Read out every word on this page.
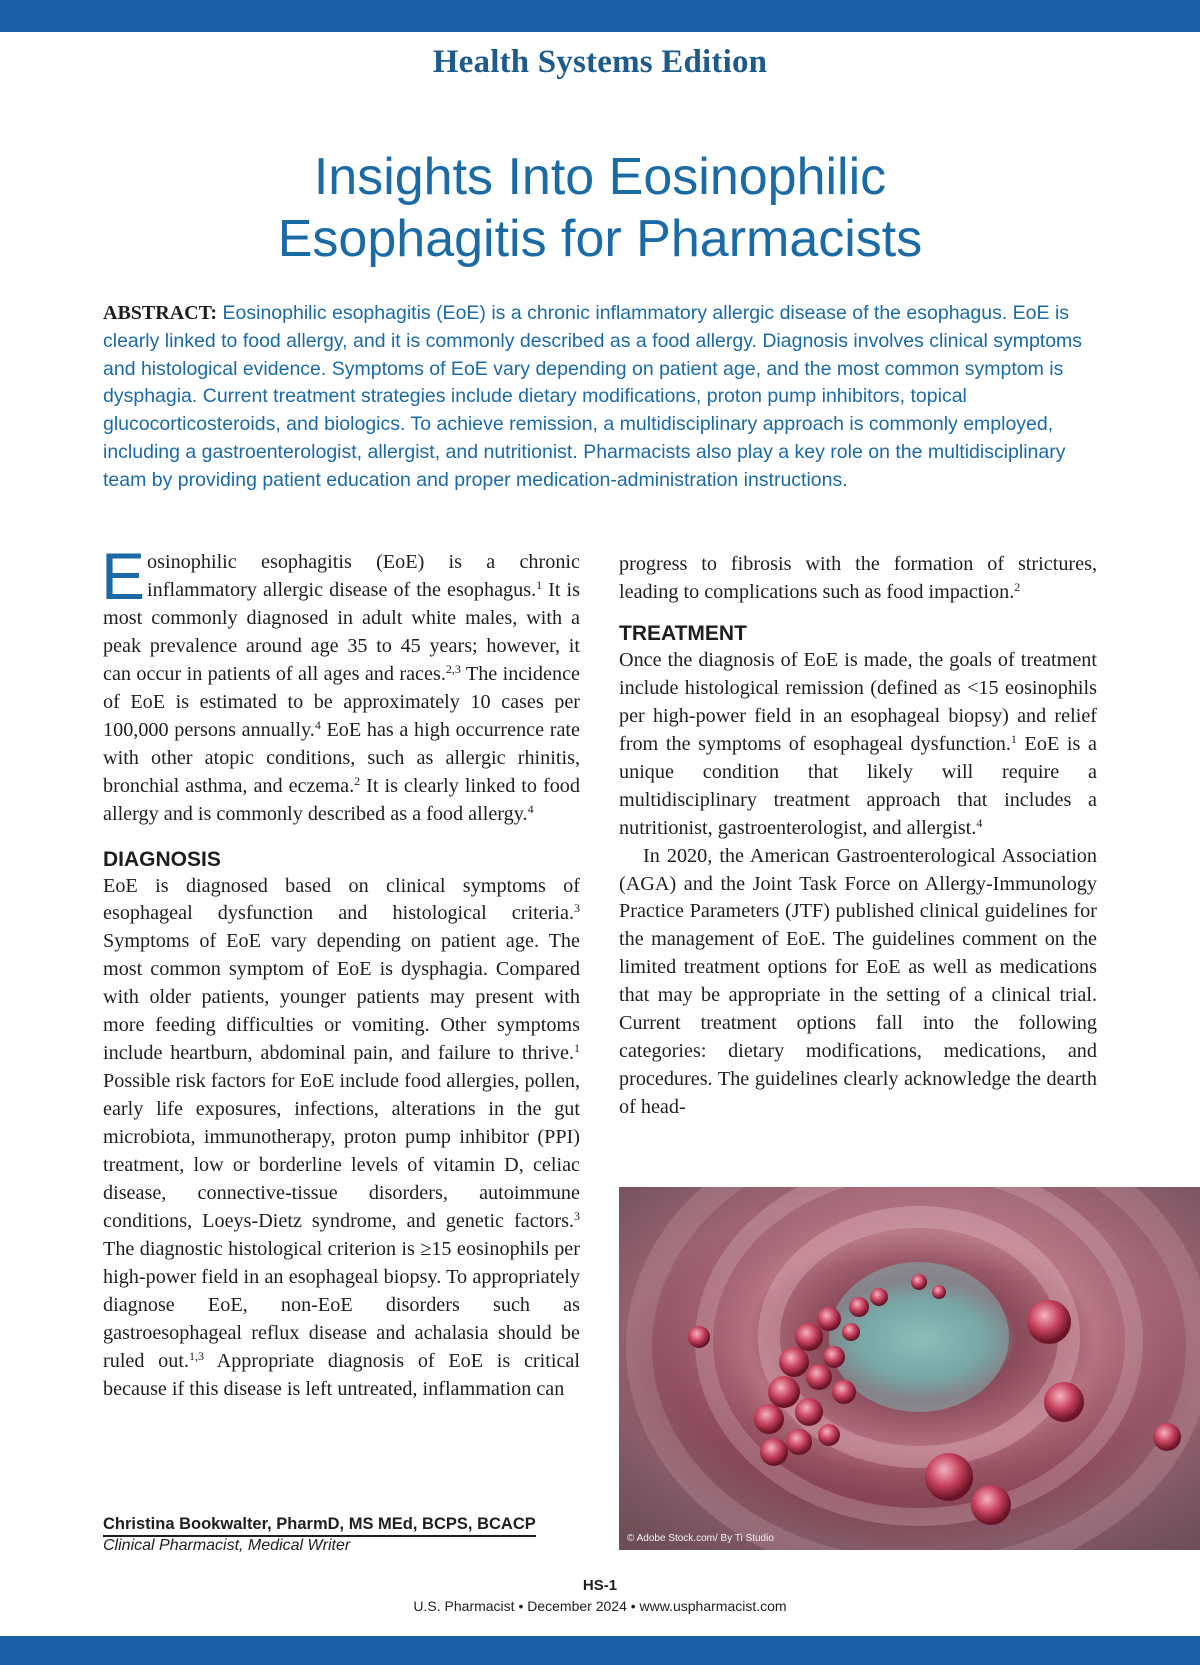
Health Systems Edition
Insights Into Eosinophilic
Esophagitis for Pharmacists
ABSTRACT: Eosinophilic esophagitis (EoE) is a chronic inflammatory allergic disease of the esophagus. EoE is clearly linked to food allergy, and it is commonly described as a food allergy. Diagnosis involves clinical symptoms and histological evidence. Symptoms of EoE vary depending on patient age, and the most common symptom is dysphagia. Current treatment strategies include dietary modifications, proton pump inhibitors, topical glucocorticosteroids, and biologics. To achieve remission, a multidisciplinary approach is commonly employed, including a gastroenterologist, allergist, and nutritionist. Pharmacists also play a key role on the multidisciplinary team by providing patient education and proper medication-administration instructions.

Eosinophilic esophagitis (EoE) is a chronic inflammatory allergic disease of the esophagus.$^1$ It is most commonly diagnosed in adult white males, with a peak prevalence around age 35 to 45 years; however, it can occur in patients of all ages and races.$^{2,3}$ The incidence of EoE is estimated to be approximately 10 cases per 100,000 persons annually.$^4$ EoE has a high occurrence rate with other atopic conditions, such as allergic rhinitis, bronchial asthma, and eczema.$^2$ It is clearly linked to food allergy and is commonly described as a food allergy.$^4$

DIAGNOSIS

EoE is diagnosed based on clinical symptoms of esophageal dysfunction and histological criteria.$^3$ Symptoms of EoE vary depending on patient age. The most common symptom of EoE is dysphagia. Compared with older patients, younger patients may present with more feeding difficulties or vomiting. Other symptoms include heartburn, abdominal pain, and failure to thrive.$^1$ Possible risk factors for EoE include food allergies, pollen, early life exposures, infections, alterations in the gut microbiota, immunotherapy, proton pump inhibitor (PPI) treatment, low or borderline levels of vitamin D, celiac disease, connective-tissue disorders, autoimmune conditions, Loeys-Dietz syndrome, and genetic factors.$^3$ The diagnostic histological criterion is ≥15 eosinophils per high-power field in an esophageal biopsy. To appropriately diagnose EoE, non-EoE disorders such as gastroesophageal reflux disease and achalasia should be ruled out.$^{1,3}$ Appropriate diagnosis of EoE is critical because if this disease is left untreated, inflammation can

progress to fibrosis with the formation of strictures, leading to complications such as food impaction.$^2$

TREATMENT

Once the diagnosis of EoE is made, the goals of treatment include histological remission (defined as <15 eosinophils per high-power field in an esophageal biopsy) and relief from the symptoms of esophageal dysfunction.$^1$ EoE is a unique condition that likely will require a multidisciplinary treatment approach that includes a nutritionist, gastroenterologist, and allergist.$^4$

In 2020, the American Gastroenterological Association (AGA) and the Joint Task Force on Allergy-Immunology Practice Parameters (JTF) published clinical guidelines for the management of EoE. The guidelines comment on the limited treatment options for EoE as well as medications that may be appropriate in the setting of a clinical trial. Current treatment options fall into the following categories: dietary modifications, medications, and procedures. The guidelines clearly acknowledge the dearth of head-

© Adobe Stock.com/ By Ti Studio
Christina Bookwalter, PharmD, MS MEd, BCPS, BCACP
Clinical Pharmacist, Medical Writer
HS-1
U.S. Pharmacist • December 2024 • www.uspharmacist.com
